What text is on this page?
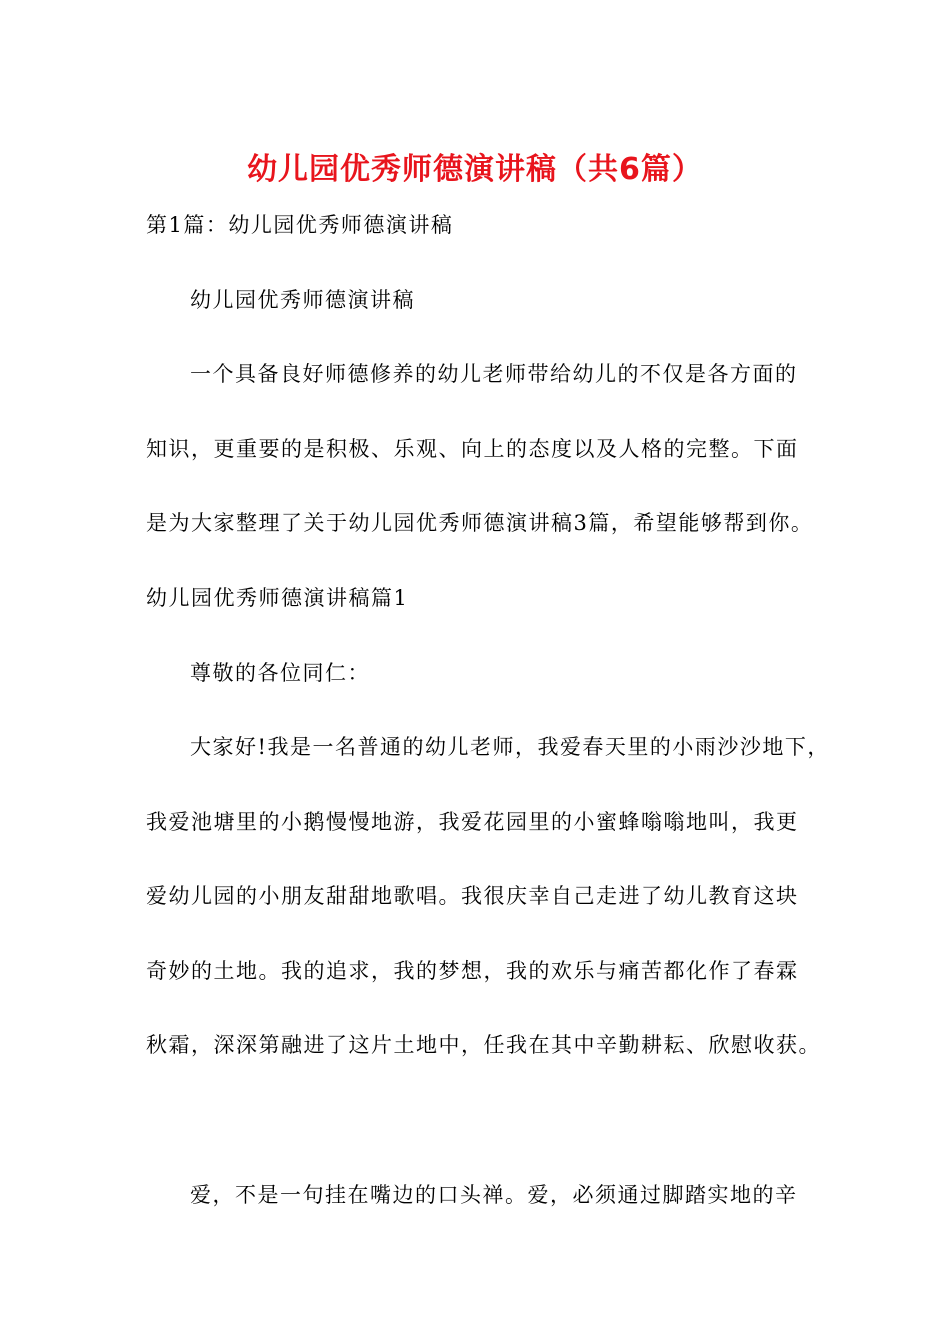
幼儿园优秀师德演讲稿（共6篇）
第1篇：幼儿园优秀师德演讲稿
幼儿园优秀师德演讲稿
一个具备良好师德修养的幼儿老师带给幼儿的不仅是各方面的
知识，更重要的是积极、乐观、向上的态度以及人格的完整。下面
是为大家整理了关于幼儿园优秀师德演讲稿3篇，希望能够帮到你。
幼儿园优秀师德演讲稿篇1
尊敬的各位同仁：
大家好!我是一名普通的幼儿老师，我爱春天里的小雨沙沙地下，
我爱池塘里的小鹅慢慢地游，我爱花园里的小蜜蜂嗡嗡地叫，我更
爱幼儿园的小朋友甜甜地歌唱。我很庆幸自己走进了幼儿教育这块
奇妙的土地。我的追求，我的梦想，我的欢乐与痛苦都化作了春霖
秋霜，深深第融进了这片土地中，任我在其中辛勤耕耘、欣慰收获。
爱，不是一句挂在嘴边的口头禅。爱，必须通过脚踏实地的辛
